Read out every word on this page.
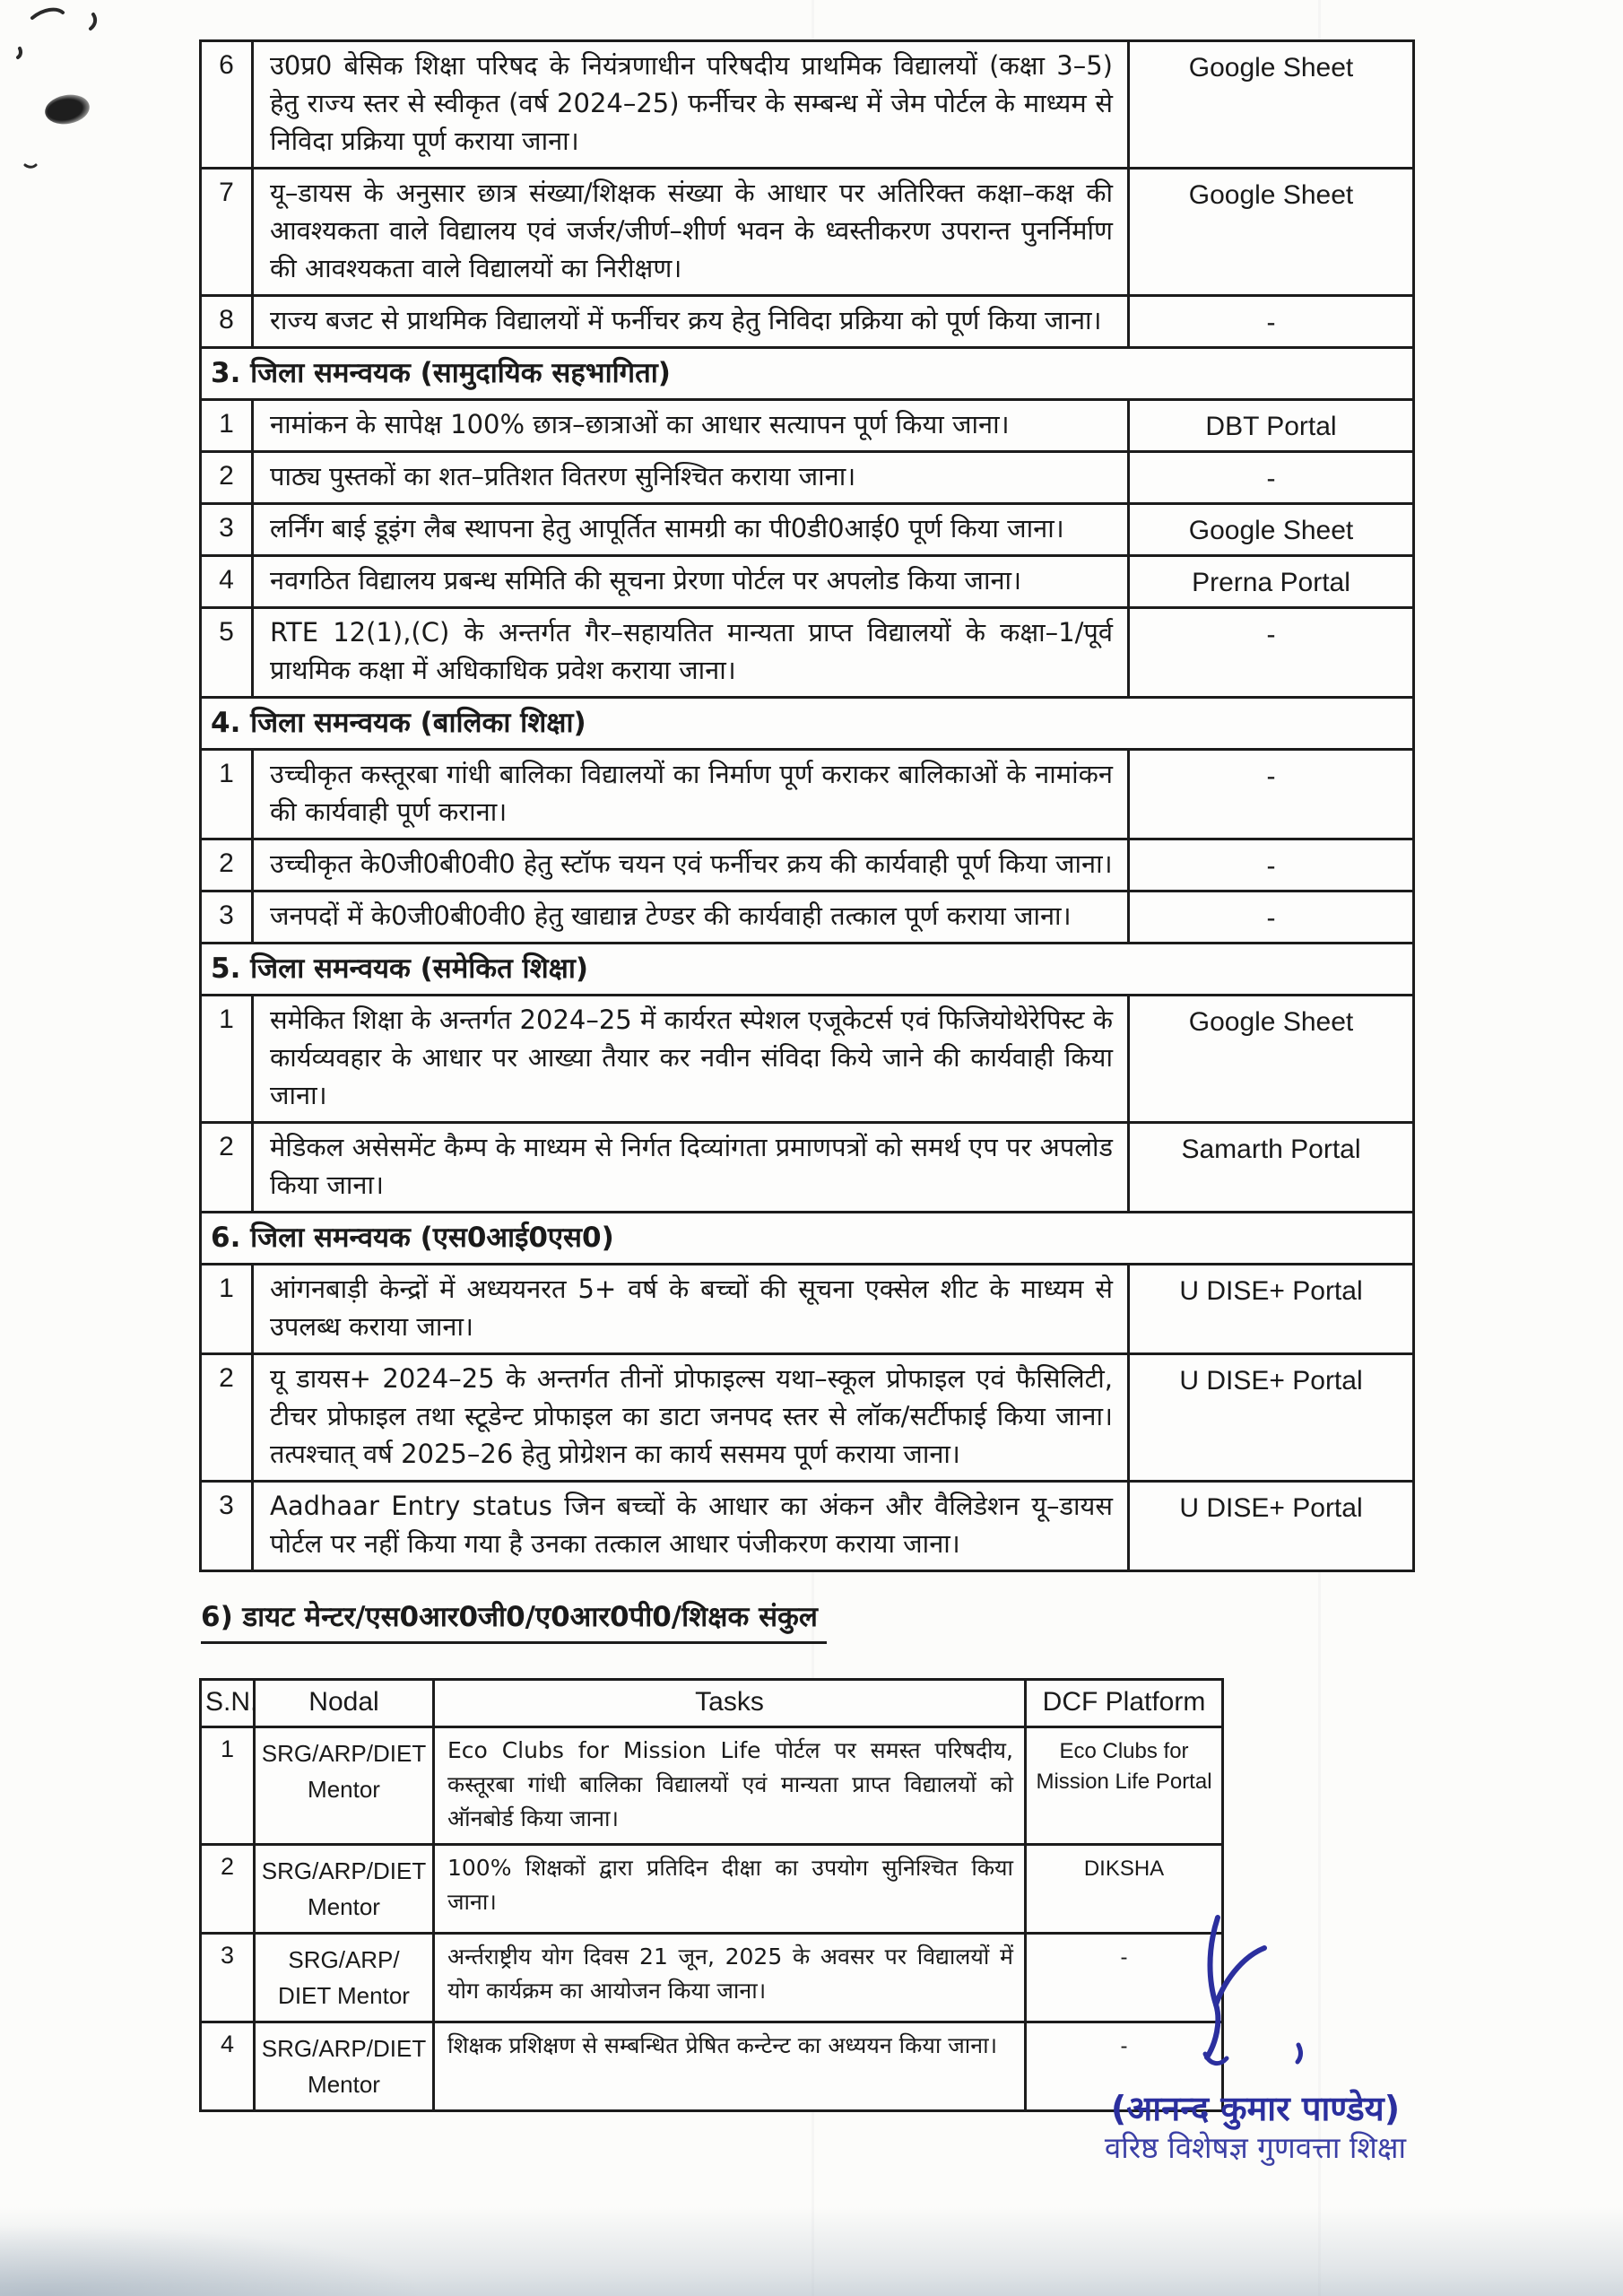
6	उ0प्र0 बेसिक शिक्षा परिषद के नियंत्रणाधीन परिषदीय प्राथमिक विद्यालयों (कक्षा 3–5) हेतु राज्य स्तर से स्वीकृत (वर्ष 2024–25) फर्नीचर के सम्बन्ध में जेम पोर्टल के माध्यम से निविदा प्रक्रिया पूर्ण कराया जाना।	Google Sheet
7	यू–डायस के अनुसार छात्र संख्या/शिक्षक संख्या के आधार पर अतिरिक्त कक्षा–कक्ष की आवश्यकता वाले विद्यालय एवं जर्जर/जीर्ण–शीर्ण भवन के ध्वस्तीकरण उपरान्त पुनर्निर्माण की आवश्यकता वाले विद्यालयों का निरीक्षण।	Google Sheet
8	राज्य बजट से प्राथमिक विद्यालयों में फर्नीचर क्रय हेतु निविदा प्रक्रिया को पूर्ण किया जाना।	-
3. जिला समन्वयक (सामुदायिक सहभागिता)		
1	नामांकन के सापेक्ष 100% छात्र–छात्राओं का आधार सत्यापन पूर्ण किया जाना।	DBT Portal
2	पाठ्य पुस्तकों का शत–प्रतिशत वितरण सुनिश्चित कराया जाना।	-
3	लर्निंग बाई डूइंग लैब स्थापना हेतु आपूर्तित सामग्री का पी0डी0आई0 पूर्ण किया जाना।	Google Sheet
4	नवगठित विद्यालय प्रबन्ध समिति की सूचना प्रेरणा पोर्टल पर अपलोड किया जाना।	Prerna Portal
5	RTE 12(1),(C) के अन्तर्गत गैर–सहायतित मान्यता प्राप्त विद्यालयों के कक्षा–1/पूर्व प्राथमिक कक्षा में अधिकाधिक प्रवेश कराया जाना।	-
4. जिला समन्वयक (बालिका शिक्षा)		
1	उच्चीकृत कस्तूरबा गांधी बालिका विद्यालयों का निर्माण पूर्ण कराकर बालिकाओं के नामांकन की कार्यवाही पूर्ण कराना।	-
2	उच्चीकृत के0जी0बी0वी0 हेतु स्टॉफ चयन एवं फर्नीचर क्रय की कार्यवाही पूर्ण किया जाना।	-
3	जनपदों में के0जी0बी0वी0 हेतु खाद्यान्न टेण्डर की कार्यवाही तत्काल पूर्ण कराया जाना।	-
5. जिला समन्वयक (समेकित शिक्षा)		
1	समेकित शिक्षा के अन्तर्गत 2024–25 में कार्यरत स्पेशल एजूकेटर्स एवं फिजियोथेरेपिस्ट के कार्यव्यवहार के आधार पर आख्या तैयार कर नवीन संविदा किये जाने की कार्यवाही किया जाना।	Google Sheet
2	मेडिकल असेसमेंट कैम्प के माध्यम से निर्गत दिव्यांगता प्रमाणपत्रों को समर्थ एप पर अपलोड किया जाना।	Samarth Portal
6. जिला समन्वयक (एस0आई0एस0)		
1	आंगनबाड़ी केन्द्रों में अध्ययनरत 5+ वर्ष के बच्चों की सूचना एक्सेल शीट के माध्यम से उपलब्ध कराया जाना।	U DISE+ Portal
2	यू डायस+ 2024–25 के अन्तर्गत तीनों प्रोफाइल्स यथा–स्कूल प्रोफाइल एवं फैसिलिटी, टीचर प्रोफाइल तथा स्टूडेन्ट प्रोफाइल का डाटा जनपद स्तर से लॉक/सर्टीफाई किया जाना। तत्पश्चात् वर्ष 2025–26 हेतु प्रोग्रेशन का कार्य ससमय पूर्ण कराया जाना।	U DISE+ Portal
3	Aadhaar Entry status जिन बच्चों के आधार का अंकन और वैलिडेशन यू–डायस पोर्टल पर नहीं किया गया है उनका तत्काल आधार पंजीकरण कराया जाना।	U DISE+ Portal
6) डायट मेन्टर/एस0आर0जी0/ए0आर0पी0/शिक्षक संकुल
S.N.	Nodal	Tasks	DCF Platform
1	SRG/ARP/DIET Mentor	Eco Clubs for Mission Life पोर्टल पर समस्त परिषदीय, कस्तूरबा गांधी बालिका विद्यालयों एवं मान्यता प्राप्त विद्यालयों को ऑनबोर्ड किया जाना।	Eco Clubs for Mission Life Portal
2	SRG/ARP/DIET Mentor	100% शिक्षकों द्वारा प्रतिदिन दीक्षा का उपयोग सुनिश्चित किया जाना।	DIKSHA
3	SRG/ARP/ DIET Mentor	अर्न्तराष्ट्रीय योग दिवस 21 जून, 2025 के अवसर पर विद्यालयों में योग कार्यक्रम का आयोजन किया जाना।	-
4	SRG/ARP/DIET Mentor	शिक्षक प्रशिक्षण से सम्बन्धित प्रेषित कन्टेन्ट का अध्ययन किया जाना।	-
(आनन्द कुमार पाण्डेय)
वरिष्ठ विशेषज्ञ गुणवत्ता शिक्षा
